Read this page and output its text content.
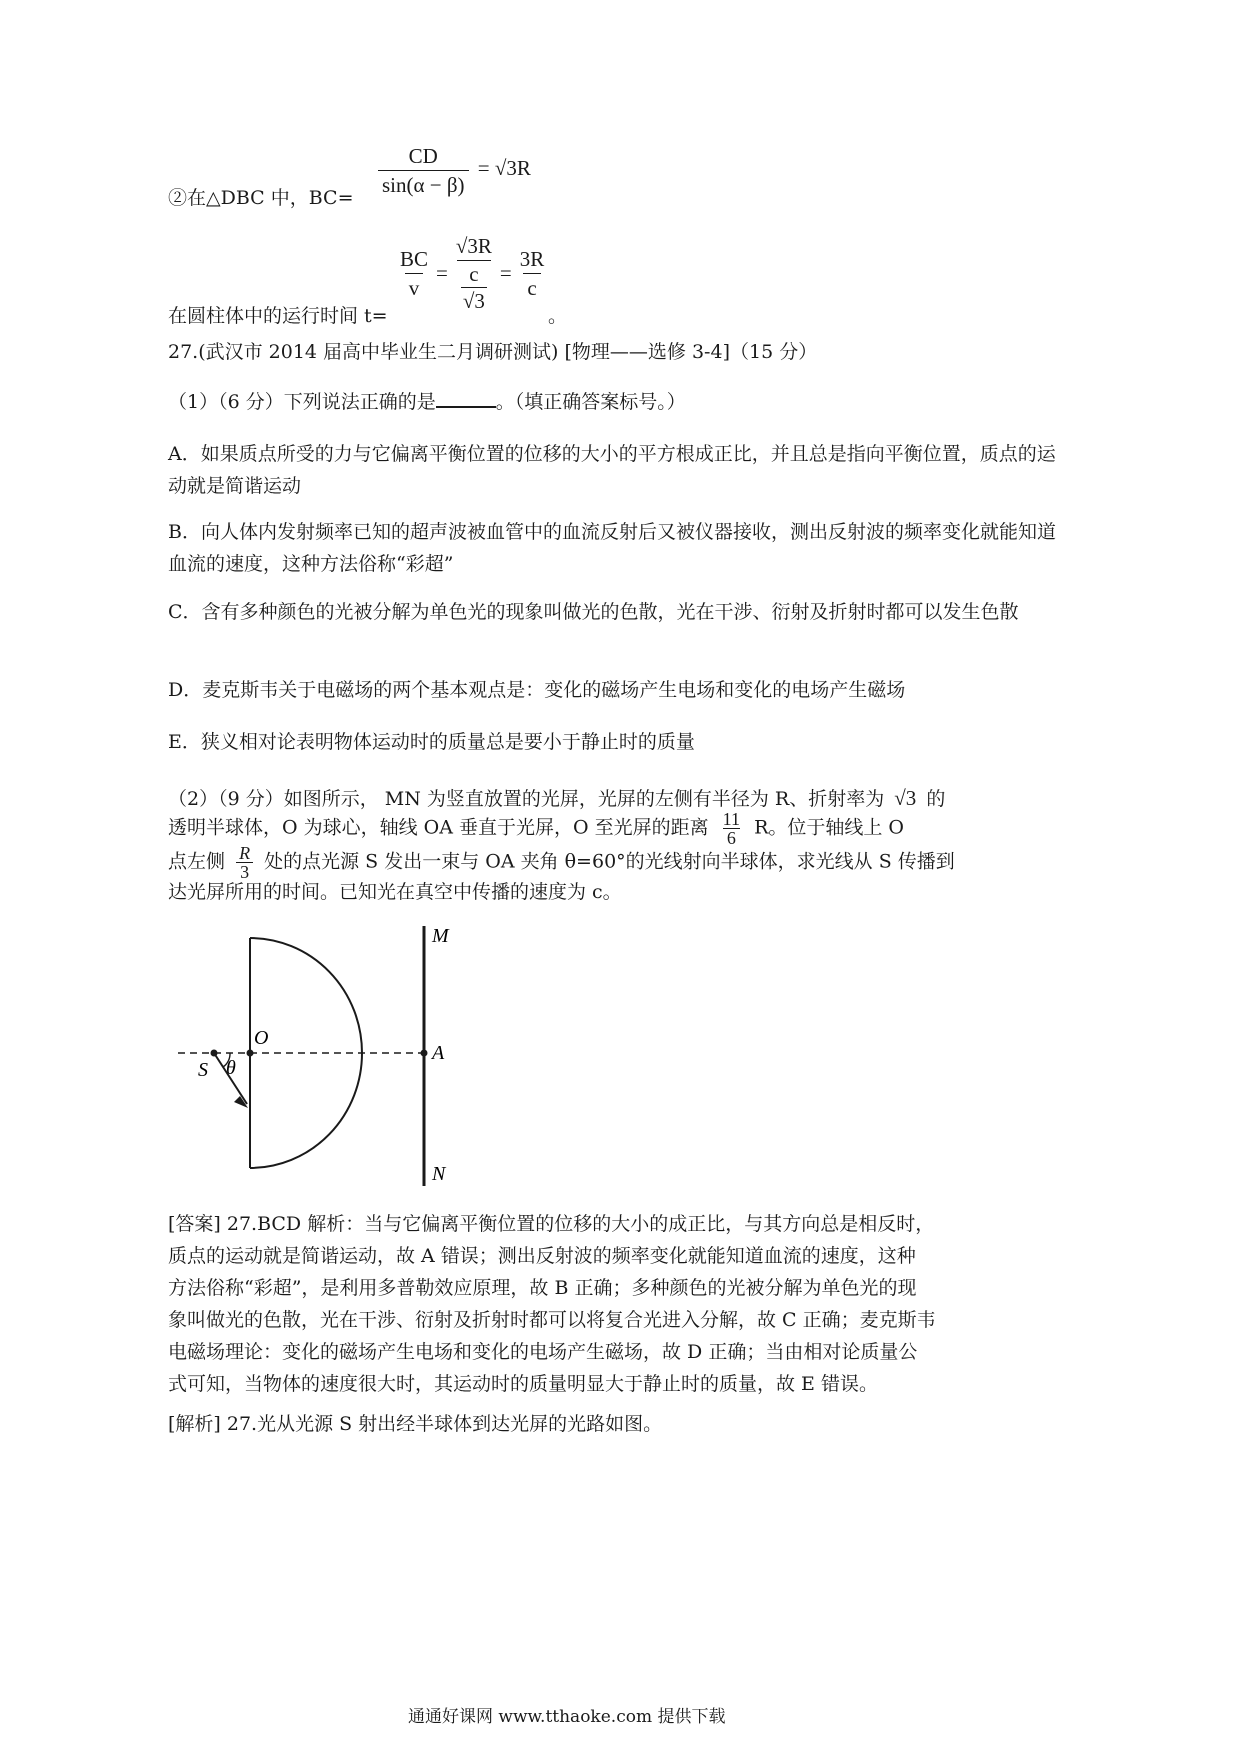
$\frac{CD}{\sin(\alpha - \beta)} = √3R$
②在△DBC 中，BC=
$\frac{BC}{v} = \frac{√3R}{\frac{c}{√3}} = \frac{3R}{c}$
在圆柱体中的运行时间 t=	。
27.(武汉市 2014 届高中毕业生二月调研测试) [物理——选修 3-4]（15 分）
（1）（6 分）下列说法正确的是	。（填正确答案标号。）
A．如果质点所受的力与它偏离平衡位置的位移的大小的平方根成正比，并且总是指向平衡位置，质点的运动就是简谐运动
B．向人体内发射频率已知的超声波被血管中的血流反射后又被仪器接收，测出反射波的频率变化就能知道血流的速度，这种方法俗称“彩超”
C．含有多种颜色的光被分解为单色光的现象叫做光的色散，光在干涉、衍射及折射时都可以发生色散
D．麦克斯韦关于电磁场的两个基本观点是：变化的磁场产生电场和变化的电场产生磁场
E．狭义相对论表明物体运动时的质量总是要小于静止时的质量
（2）（9 分）如图所示， MN 为竖直放置的光屏，光屏的左侧有半径为 R、折射率为 √3 的
透明半球体，O 为球心，轴线 OA 垂直于光屏，O 至光屏的距离 $\frac{11}{6}$ R。位于轴线上 O
点左侧 $\frac{R}{3}$ 处的点光源 S 发出一束与 OA 夹角 θ=60°的光线射向半球体，求光线从 S 传播到
达光屏所用的时间。已知光在真空中传播的速度为 c。
M
N
O
A
S θ
[答案] 27.BCD 解析：当与它偏离平衡位置的位移的大小的成正比，与其方向总是相反时，
质点的运动就是简谐运动，故 A 错误；测出反射波的频率变化就能知道血流的速度，这种
方法俗称“彩超”，是利用多普勒效应原理，故 B 正确；多种颜色的光被分解为单色光的现
象叫做光的色散，光在干涉、衍射及折射时都可以将复合光进入分解，故 C 正确；麦克斯韦
电磁场理论：变化的磁场产生电场和变化的电场产生磁场，故 D 正确；当由相对论质量公
式可知，当物体的速度很大时，其运动时的质量明显大于静止时的质量，故 E 错误。
[解析] 27.光从光源 S 射出经半球体到达光屏的光路如图。
通通好课网 www.tthaoke.com 提供下载
